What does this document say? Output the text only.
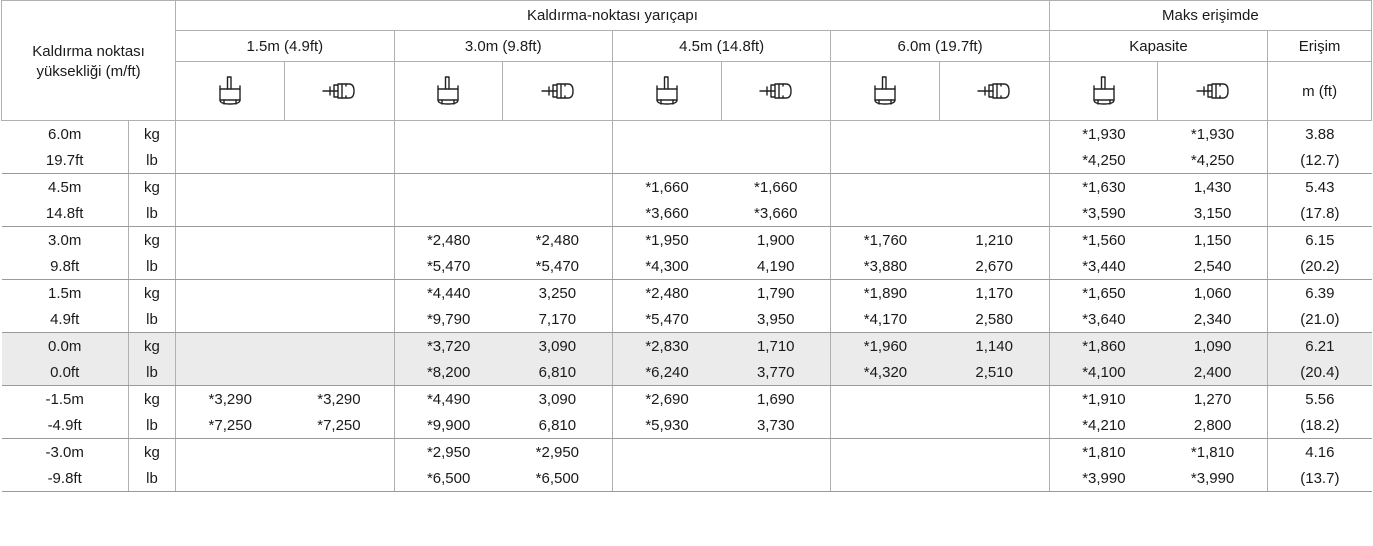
Kaldırma noktası yüksekliği (m/ft)		Kaldırma-noktası yarıçapı								Maks erişimde		
		1.5m (4.9ft)		3.0m (9.8ft)		4.5m (14.8ft)		6.0m (19.7ft)		Kapasite		Erişim

	m (ft)
6.0m	kg									*1,930	*1,930	3.88
19.7ft	lb									*4,250	*4,250	(12.7)
4.5m	kg					*1,660	*1,660			*1,630	1,430	5.43
14.8ft	lb					*3,660	*3,660			*3,590	3,150	(17.8)
3.0m	kg			*2,480	*2,480	*1,950	1,900	*1,760	1,210	*1,560	1,150	6.15
9.8ft	lb			*5,470	*5,470	*4,300	4,190	*3,880	2,670	*3,440	2,540	(20.2)
1.5m	kg			*4,440	3,250	*2,480	1,790	*1,890	1,170	*1,650	1,060	6.39
4.9ft	lb			*9,790	7,170	*5,470	3,950	*4,170	2,580	*3,640	2,340	(21.0)
0.0m	kg			*3,720	3,090	*2,830	1,710	*1,960	1,140	*1,860	1,090	6.21
0.0ft	lb			*8,200	6,810	*6,240	3,770	*4,320	2,510	*4,100	2,400	(20.4)
-1.5m	kg	*3,290	*3,290	*4,490	3,090	*2,690	1,690			*1,910	1,270	5.56
-4.9ft	lb	*7,250	*7,250	*9,900	6,810	*5,930	3,730			*4,210	2,800	(18.2)
-3.0m	kg			*2,950	*2,950					*1,810	*1,810	4.16
-9.8ft	lb			*6,500	*6,500					*3,990	*3,990	(13.7)
